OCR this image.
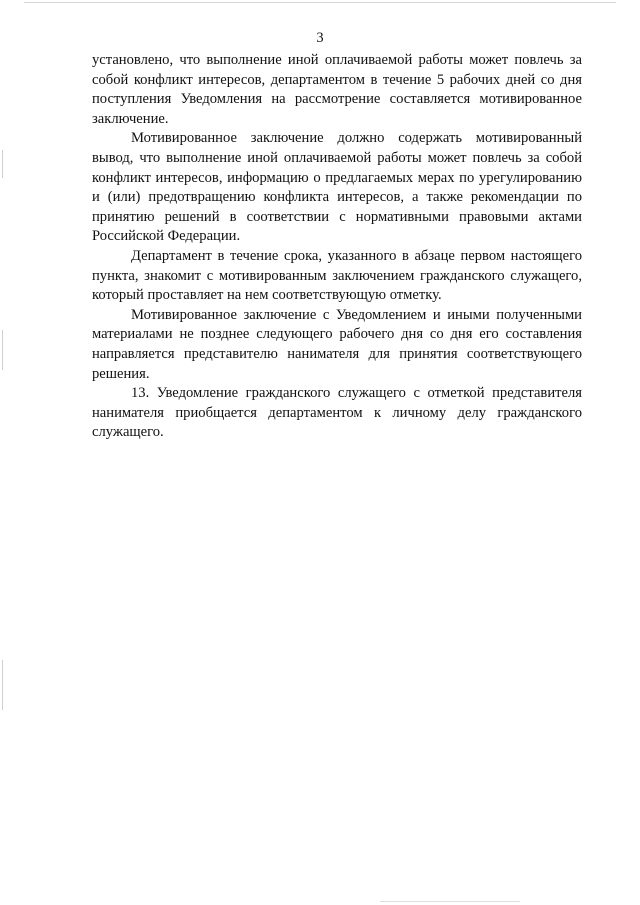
3

установлено, что выполнение иной оплачиваемой работы может повлечь за собой конфликт интересов, департаментом в течение 5 рабочих дней со дня поступления Уведомления на рассмотрение составляется мотивированное заключение.

Мотивированное заключение должно содержать мотивированный вывод, что выполнение иной оплачиваемой работы может повлечь за собой конфликт интересов, информацию о предлагаемых мерах по урегулированию и (или) предотвращению конфликта интересов, а также рекомендации по принятию решений в соответствии с нормативными правовыми актами Российской Федерации.

Департамент в течение срока, указанного в абзаце первом настоящего пункта, знакомит с мотивированным заключением гражданского служащего, который проставляет на нем соответствующую отметку.

Мотивированное заключение с Уведомлением и иными полученными материалами не позднее следующего рабочего дня со дня его составления направляется представителю нанимателя для принятия соответствующего решения.

13. Уведомление гражданского служащего с отметкой представителя нанимателя приобщается департаментом к личному делу гражданского служащего.
